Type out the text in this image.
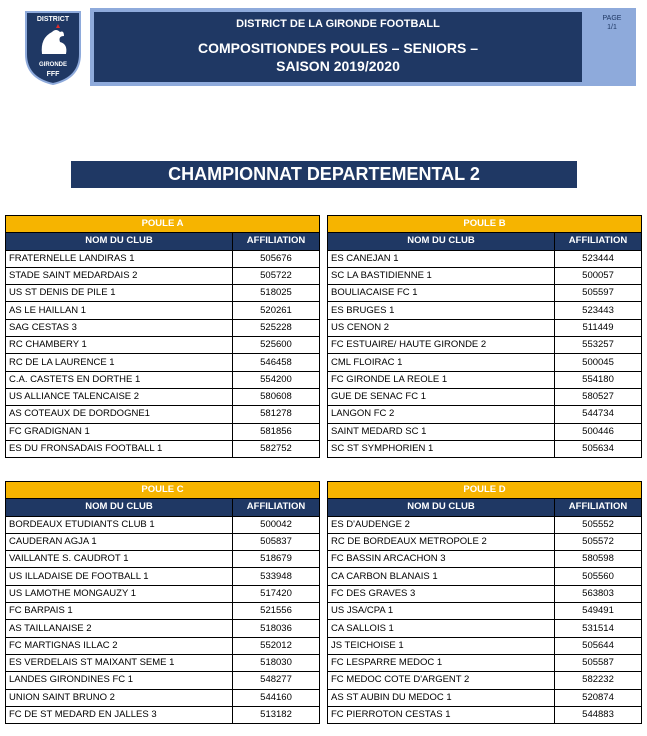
DISTRICT
GIRONDE
FFF
DISTRICT DE LA GIRONDE FOOTBALL
COMPOSITIONDES POULES – SENIORS –
SAISON 2019/2020
PAGE
1/1
CHAMPIONNAT DEPARTEMENTAL 2
POULE A	
NOM DU CLUB	AFFILIATION
FRATERNELLE LANDIRAS 1	505676
STADE SAINT MEDARDAIS 2	505722
US ST DENIS DE PILE 1	518025
AS LE HAILLAN 1	520261
SAG CESTAS 3	525228
RC CHAMBERY 1	525600
RC DE LA LAURENCE 1	546458
C.A. CASTETS EN DORTHE 1	554200
US ALLIANCE TALENCAISE 2	580608
AS COTEAUX DE DORDOGNE1	581278
FC GRADIGNAN 1	581856
ES DU FRONSADAIS FOOTBALL 1	582752
POULE B	
NOM DU CLUB	AFFILIATION
ES CANEJAN 1	523444
SC LA BASTIDIENNE 1	500057
BOULIACAISE FC 1	505597
ES BRUGES 1	523443
US CENON 2	511449
FC ESTUAIRE/ HAUTE GIRONDE 2	553257
CML FLOIRAC 1	500045
FC GIRONDE LA REOLE 1	554180
GUE DE SENAC FC 1	580527
LANGON FC 2	544734
SAINT MEDARD SC 1	500446
SC ST SYMPHORIEN 1	505634
POULE C	
NOM DU CLUB	AFFILIATION
BORDEAUX ETUDIANTS CLUB 1	500042
CAUDERAN AGJA 1	505837
VAILLANTE S. CAUDROT 1	518679
US ILLADAISE DE FOOTBALL 1	533948
US LAMOTHE MONGAUZY 1	517420
FC BARPAIS 1	521556
AS TAILLANAISE 2	518036
FC MARTIGNAS ILLAC 2	552012
ES VERDELAIS ST MAIXANT SEME 1	518030
LANDES GIRONDINES FC 1	548277
UNION SAINT BRUNO 2	544160
FC DE ST MEDARD EN JALLES 3	513182
POULE D	
NOM DU CLUB	AFFILIATION
ES D'AUDENGE 2	505552
RC DE BORDEAUX METROPOLE 2	505572
FC BASSIN ARCACHON 3	580598
CA CARBON BLANAIS 1	505560
FC DES GRAVES 3	563803
US JSA/CPA 1	549491
CA SALLOIS 1	531514
JS TEICHOISE 1	505644
FC LESPARRE MEDOC 1	505587
FC MEDOC COTE D'ARGENT 2	582232
AS ST AUBIN DU MEDOC 1	520874
FC PIERROTON CESTAS 1	544883
